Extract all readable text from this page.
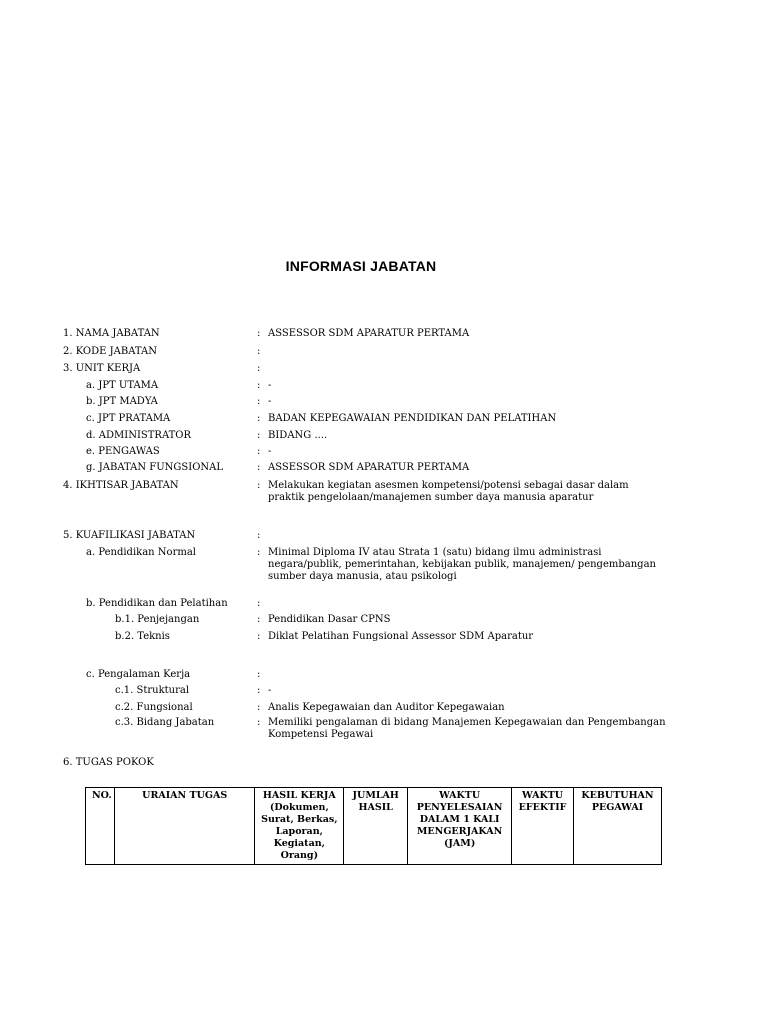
INFORMASI JABATAN
1. NAMA JABATAN	: ASSESSOR SDM APARATUR PERTAMA
2. KODE JABATAN	:
3. UNIT KERJA	:
a. JPT UTAMA	: -
b. JPT MADYA	: -
c. JPT PRATAMA	: BADAN KEPEGAWAIAN PENDIDIKAN DAN PELATIHAN
d. ADMINISTRATOR	: BIDANG ....
e. PENGAWAS	: -
g. JABATAN FUNGSIONAL	: ASSESSOR SDM APARATUR PERTAMA
4. IKHTISAR JABATAN	: Melakukan kegiatan asesmen kompetensi/potensi sebagai dasar dalam praktik pengelolaan/manajemen sumber daya manusia aparatur
5. KUAFILIKASI JABATAN	:
a. Pendidikan Normal	: Minimal Diploma IV atau Strata 1 (satu) bidang ilmu administrasi negara/publik, pemerintahan, kebijakan publik, manajemen/ pengembangan sumber daya manusia, atau psikologi
b. Pendidikan dan Pelatihan	:
b.1. Penjejangan	: Pendidikan Dasar CPNS
b.2. Teknis	: Diklat Pelatihan Fungsional Assessor SDM Aparatur
c. Pengalaman Kerja	:
c.1. Struktural	: -
c.2. Fungsional	: Analis Kepegawaian dan Auditor Kepegawaian
c.3. Bidang Jabatan	: Memiliki pengalaman di bidang Manajemen Kepegawaian dan Pengembangan Kompetensi Pegawai
6. TUGAS POKOK
NO.	URAIAN TUGAS	HASIL KERJA (Dokumen, Surat, Berkas, Laporan, Kegiatan, Orang)	JUMLAH HASIL	WAKTU PENYELESAIAN DALAM 1 KALI MENGERJAKAN (JAM)	WAKTU EFEKTIF	KEBUTUHAN PEGAWAI
